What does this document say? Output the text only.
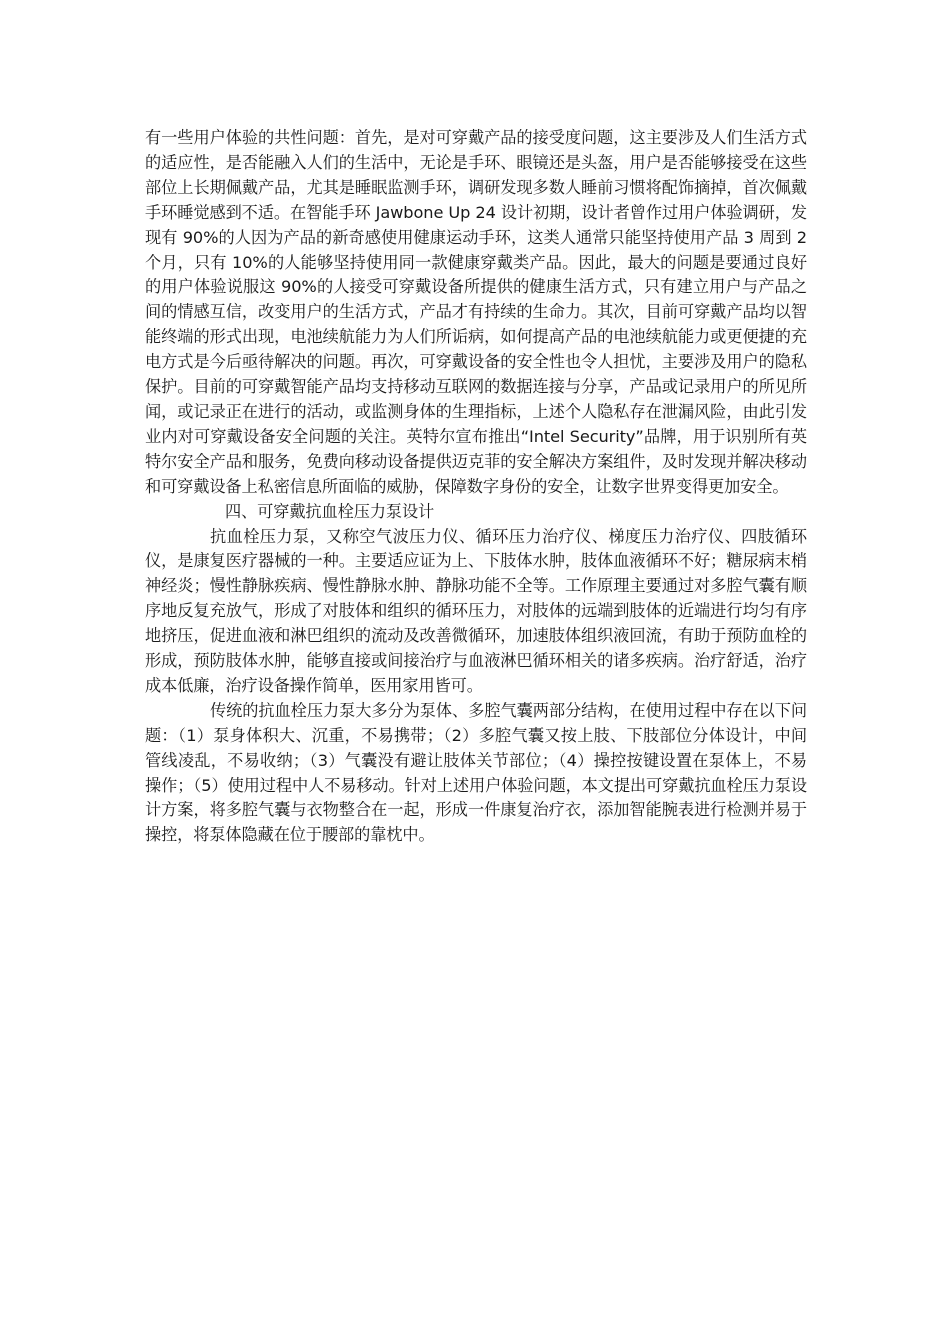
有一些用户体验的共性问题：首先，是对可穿戴产品的接受度问题，这主要涉及人们生活方式的适应性，是否能融入人们的生活中，无论是手环、眼镜还是头盔，用户是否能够接受在这些部位上长期佩戴产品，尤其是睡眠监测手环，调研发现多数人睡前习惯将配饰摘掉，首次佩戴手环睡觉感到不适。在智能手环 Jawbone Up 24 设计初期，设计者曾作过用户体验调研，发现有 90%的人因为产品的新奇感使用健康运动手环，这类人通常只能坚持使用产品 3 周到 2 个月，只有 10%的人能够坚持使用同一款健康穿戴类产品。因此，最大的问题是要通过良好的用户体验说服这 90%的人接受可穿戴设备所提供的健康生活方式，只有建立用户与产品之间的情感互信，改变用户的生活方式，产品才有持续的生命力。其次，目前可穿戴产品均以智能终端的形式出现，电池续航能力为人们所诟病，如何提高产品的电池续航能力或更便捷的充电方式是今后亟待解决的问题。再次，可穿戴设备的安全性也令人担忧，主要涉及用户的隐私保护。目前的可穿戴智能产品均支持移动互联网的数据连接与分享，产品或记录用户的所见所闻，或记录正在进行的活动，或监测身体的生理指标，上述个人隐私存在泄漏风险，由此引发业内对可穿戴设备安全问题的关注。英特尔宣布推出“Intel Security”品牌，用于识别所有英特尔安全产品和服务，免费向移动设备提供迈克菲的安全解决方案组件，及时发现并解决移动和可穿戴设备上私密信息所面临的威胁，保障数字身份的安全，让数字世界变得更加安全。

四、可穿戴抗血栓压力泵设计

抗血栓压力泵，又称空气波压力仪、循环压力治疗仪、梯度压力治疗仪、四肢循环仪，是康复医疗器械的一种。主要适应证为上、下肢体水肿，肢体血液循环不好；糖尿病末梢神经炎；慢性静脉疾病、慢性静脉水肿、静脉功能不全等。工作原理主要通过对多腔气囊有顺序地反复充放气，形成了对肢体和组织的循环压力，对肢体的远端到肢体的近端进行均匀有序地挤压，促进血液和淋巴组织的流动及改善微循环，加速肢体组织液回流，有助于预防血栓的形成，预防肢体水肿，能够直接或间接治疗与血液淋巴循环相关的诸多疾病。治疗舒适，治疗成本低廉，治疗设备操作简单，医用家用皆可。

传统的抗血栓压力泵大多分为泵体、多腔气囊两部分结构，在使用过程中存在以下问题：（1）泵身体积大、沉重，不易携带；（2）多腔气囊又按上肢、下肢部位分体设计，中间管线凌乱，不易收纳；（3）气囊没有避让肢体关节部位；（4）操控按键设置在泵体上，不易操作；（5）使用过程中人不易移动。针对上述用户体验问题，本文提出可穿戴抗血栓压力泵设计方案，将多腔气囊与衣物整合在一起，形成一件康复治疗衣，添加智能腕表进行检测并易于操控，将泵体隐藏在位于腰部的靠枕中。
